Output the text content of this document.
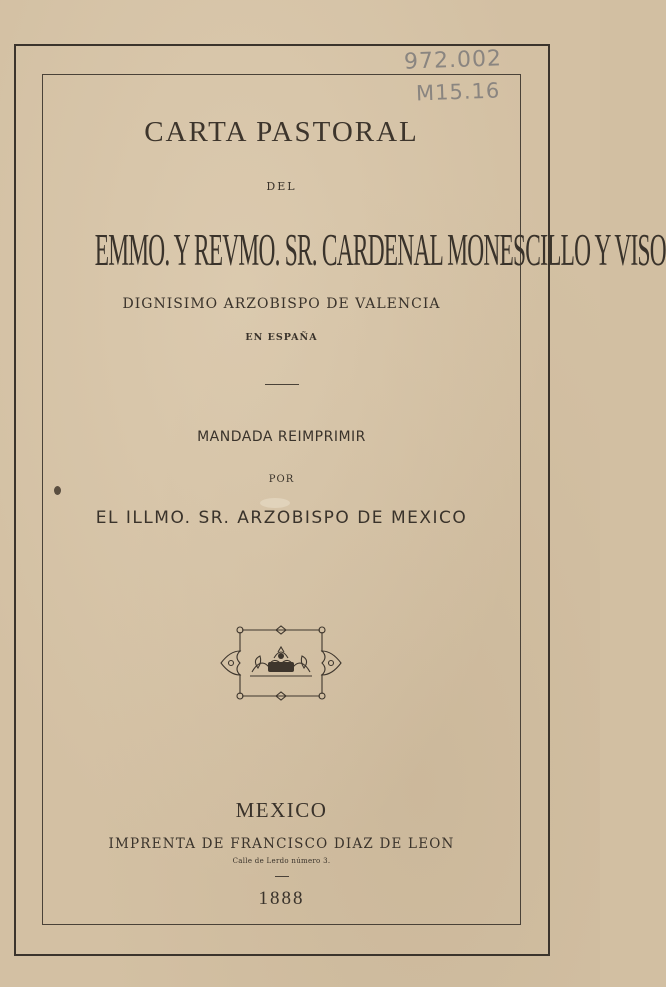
972.002
M15.16
CARTA PASTORAL
DEL
EMMO. Y REVMO. SR. CARDENAL MONESCILLO Y VISO
DIGNISIMO ARZOBISPO DE VALENCIA
EN ESPAÑA
MANDADA REIMPRIMIR
POR
EL ILLMO. SR. ARZOBISPO DE MEXICO
MEXICO
IMPRENTA DE FRANCISCO DIAZ DE LEON
Calle de Lerdo número 3.
1888
